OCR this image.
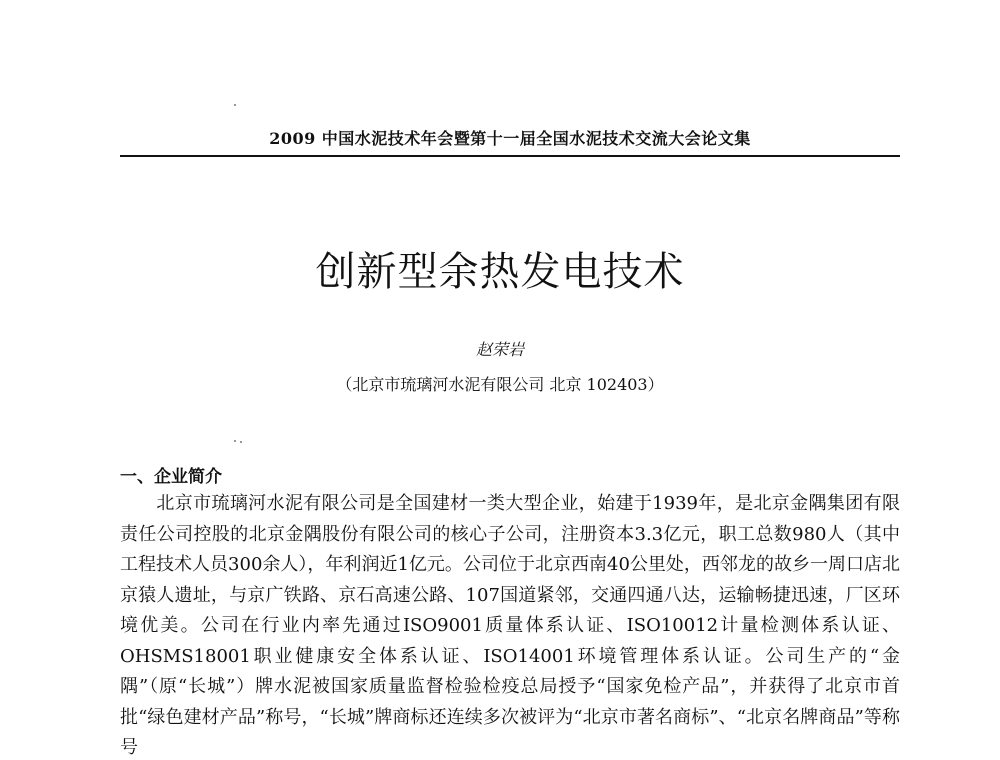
2009 中国水泥技术年会暨第十一届全国水泥技术交流大会论文集
创新型余热发电技术
赵荣岩
（北京市琉璃河水泥有限公司 北京 102403）
一、企业简介
北京市琉璃河水泥有限公司是全国建材一类大型企业，始建于1939年，是北京金隅集团有限责任公司控股的北京金隅股份有限公司的核心子公司，注册资本3.3亿元，职工总数980人（其中工程技术人员300余人），年利润近1亿元。公司位于北京西南40公里处，西邻龙的故乡一周口店北京猿人遗址，与京广铁路、京石高速公路、107国道紧邻，交通四通八达，运输畅捷迅速，厂区环境优美。公司在行业内率先通过ISO9001质量体系认证、ISO10012计量检测体系认证、OHSMS18001职业健康安全体系认证、ISO14001环境管理体系认证。公司生产的“金隅”（原“长城”）牌水泥被国家质量监督检验检疫总局授予“国家免检产品”，并获得了北京市首批“绿色建材产品”称号，“长城”牌商标还连续多次被评为“北京市著名商标”、“北京名牌商品”等称号
